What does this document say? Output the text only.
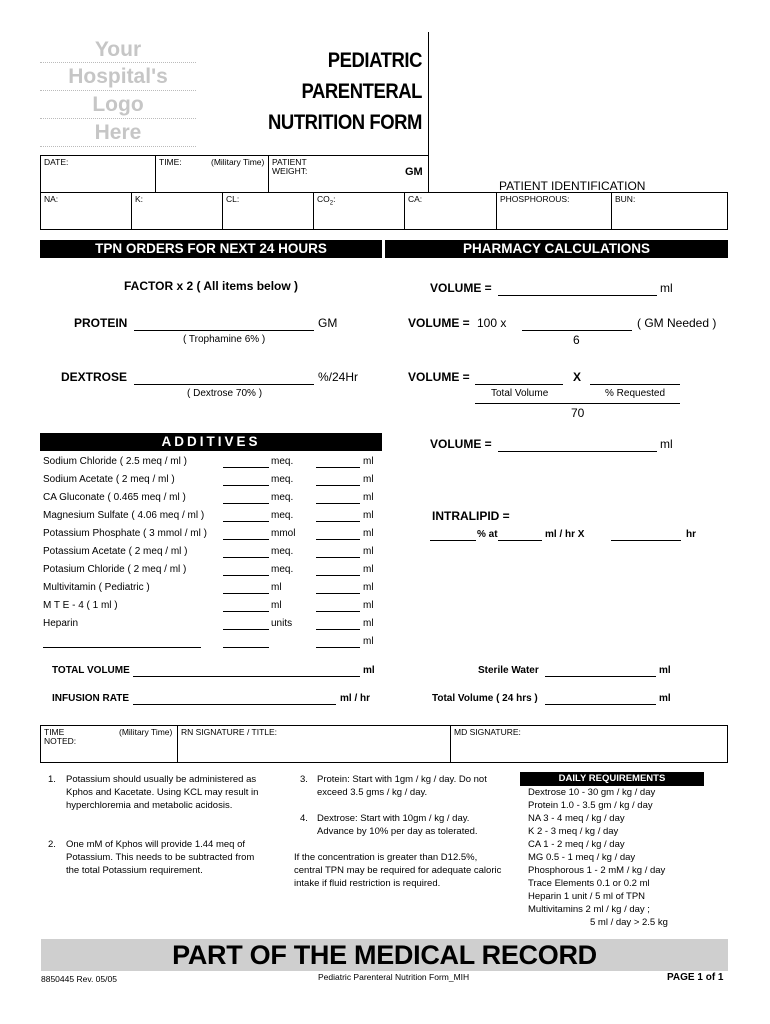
Your
Hospital's
Logo
Here
PEDIATRIC
PARENTERAL
NUTRITION FORM
DATE:	TIME:	(Military Time) PATIENT WEIGHT:	GM
PATIENT IDENTIFICATION
NA:	K:	CL:	$CO_2$:	CA:	PHOSPHOROUS:	BUN:
TPN ORDERS FOR NEXT 24 HOURS	PHARMACY CALCULATIONS
FACTOR x 2 ( All items below )
PROTEIN	GM
( Trophamine 6% )
DEXTROSE	%/24Hr
( Dextrose 70% )
VOLUME =	ml
VOLUME = 100 x	( GM Needed )
6
VOLUME =	X
Total Volume	% Requested
70
ADDITIVES	VOLUME =	ml
Sodium Chloride ( 2.5 meq / ml )	meq.	ml
Sodium Acetate ( 2 meq / ml )	meq.	ml
CA Gluconate ( 0.465 meq / ml )	meq.	ml
Magnesium Sulfate ( 4.06 meq / ml )	meq.	ml
Potassium Phosphate ( 3 mmol / ml )	mmol	ml
Potassium Acetate ( 2 meq / ml )	meq.	ml
Potasium Chloride ( 2 meq / ml )	meq.	ml
Multivitamin ( Pediatric )	ml	ml
M T E - 4 ( 1 ml )	ml	ml
Heparin	units	ml
ml
INTRALIPID =
% at	ml / hr X	hr
TOTAL VOLUME	ml
INFUSION RATE	ml / hr
Sterile Water	ml
Total Volume ( 24 hrs )	ml
TIME NOTED:
(Military Time)	RN SIGNATURE / TITLE:	MD SIGNATURE:
1. Potassium should usually be administered as Kphos and Kacetate. Using KCL may result in hyperchloremia and metabolic acidosis.
2. One mM of Kphos will provide 1.44 meq of Potassium. This needs to be subtracted from the total Potassium requirement.
3. Protein: Start with 1gm / kg / day. Do not exceed 3.5 gms / kg / day.
4. Dextrose: Start with 10gm / kg / day. Advance by 10% per day as tolerated.
If the concentration is greater than D12.5%, central TPN may be required for adequate caloric intake if fluid restriction is required.
DAILY REQUIREMENTS
Dextrose 10 - 30 gm / kg / day
Protein 1.0 - 3.5 gm / kg / day
NA 3 - 4 meq / kg / day
K 2 - 3 meq / kg / day
CA 1 - 2 meq / kg / day
MG 0.5 - 1 meq / kg / day
Phosphorous 1 - 2 mM / kg / day
Trace Elements 0.1 or 0.2 ml
Heparin 1 unit / 5 ml of TPN
Multivitamins 2 ml / kg / day ;
5 ml / day > 2.5 kg
PART OF THE MEDICAL RECORD
8850445 Rev. 05/05	Pediatric Parenteral Nutrition Form_MIH	PAGE 1 of 1
